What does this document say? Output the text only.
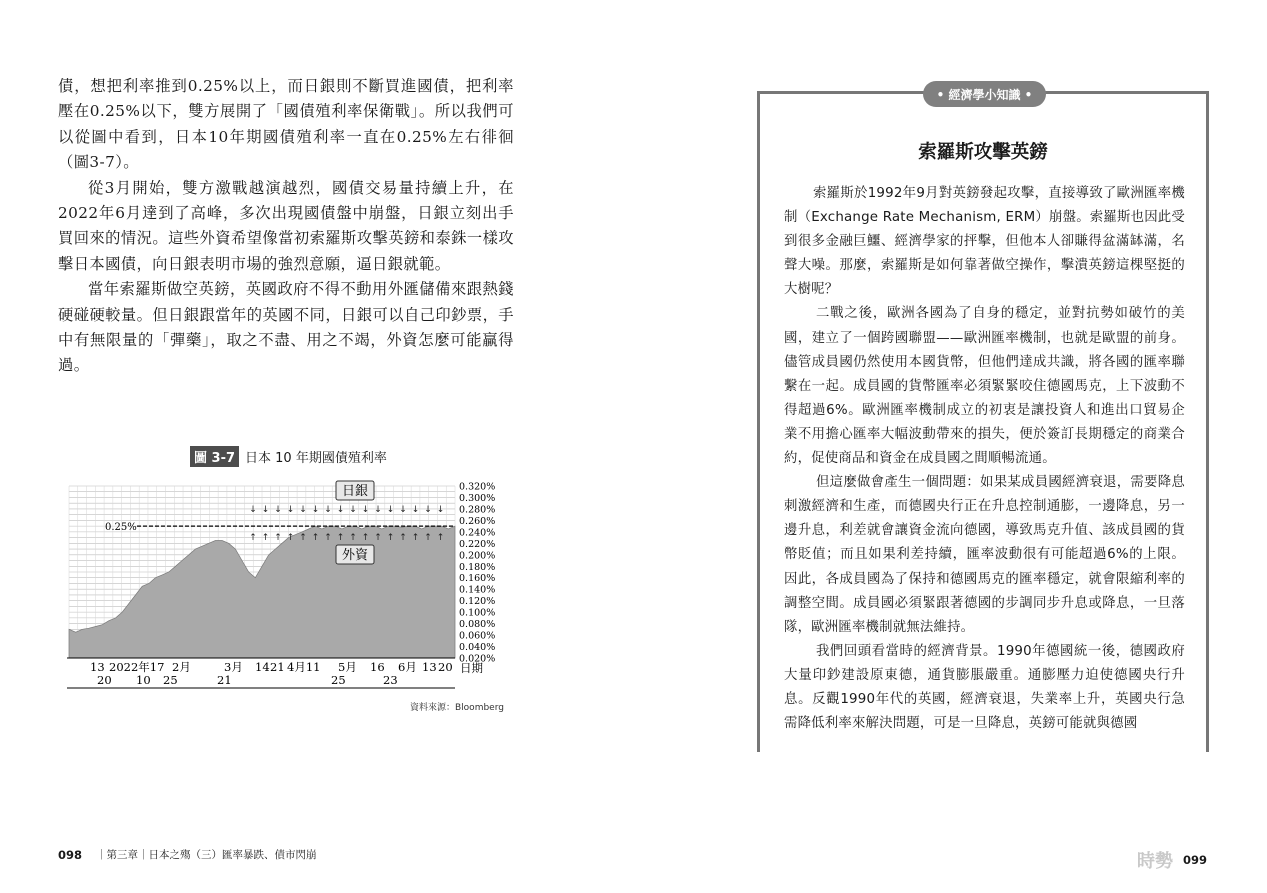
債，想把利率推到0.25%以上，而日銀則不斷買進國債，把利率壓在0.25%以下，雙方展開了「國債殖利率保衛戰」。所以我們可以從圖中看到，日本10年期國債殖利率一直在0.25%左右徘徊（圖3-7）。

從3月開始，雙方激戰越演越烈，國債交易量持續上升，在2022年6月達到了高峰，多次出現國債盤中崩盤，日銀立刻出手買回來的情況。這些外資希望像當初索羅斯攻擊英鎊和泰銖一樣攻擊日本國債，向日銀表明市場的強烈意願，逼日銀就範。

當年索羅斯做空英鎊，英國政府不得不動用外匯儲備來跟熱錢硬碰硬較量。但日銀跟當年的英國不同，日銀可以自己印鈔票，手中有無限量的「彈藥」，取之不盡、用之不竭，外資怎麼可能贏得過。

圖 3-7 日本 10 年期國債殖利率
0.25%
↓
↑
↓
↑
↓
↑
↓
↑
↓
↑
↓
↑
↓
↑
↓
↑
↓
↑
↓
↑
↓
↑
↓
↑
↓
↑
↓
↑
↓
↑
↓
↑
日銀
外資
0.320%
0.300%
0.280%
0.260%
0.240%
0.220%
0.200%
0.180%
0.160%
0.140%
0.120%
0.100%
0.080%
0.060%
0.040%
0.020%
13 2022年17 2月	3月 14 21 4月11 5月 16 6月 13 20
20 10 25	21	25	23
日期
資料來源：Bloomberg
098 ｜第三章｜日本之殤（三）匯率暴跌、債市閃崩
• 經濟學小知識 •
索羅斯攻擊英鎊

索羅斯於1992年9月對英鎊發起攻擊，直接導致了歐洲匯率機制（Exchange Rate Mechanism, ERM）崩盤。索羅斯也因此受到很多金融巨鱷、經濟學家的抨擊，但他本人卻賺得盆滿缽滿，名聲大噪。那麼，索羅斯是如何靠著做空操作，擊潰英鎊這棵堅挺的大樹呢？

二戰之後，歐洲各國為了自身的穩定，並對抗勢如破竹的美國，建立了一個跨國聯盟——歐洲匯率機制，也就是歐盟的前身。儘管成員國仍然使用本國貨幣，但他們達成共識，將各國的匯率聯繫在一起。成員國的貨幣匯率必須緊緊咬住德國馬克，上下波動不得超過6%。歐洲匯率機制成立的初衷是讓投資人和進出口貿易企業不用擔心匯率大幅波動帶來的損失，便於簽訂長期穩定的商業合約，促使商品和資金在成員國之間順暢流通。

但這麼做會產生一個問題：如果某成員國經濟衰退，需要降息刺激經濟和生產，而德國央行正在升息控制通膨，一邊降息，另一邊升息，利差就會讓資金流向德國，導致馬克升值、該成員國的貨幣貶值；而且如果利差持續，匯率波動很有可能超過6%的上限。因此，各成員國為了保持和德國馬克的匯率穩定，就會限縮利率的調整空間。成員國必須緊跟著德國的步調同步升息或降息，一旦落隊，歐洲匯率機制就無法維持。

我們回頭看當時的經濟背景。1990年德國統一後，德國政府大量印鈔建設原東德，通貨膨脹嚴重。通膨壓力迫使德國央行升息。反觀1990年代的英國，經濟衰退，失業率上升，英國央行急需降低利率來解決問題，可是一旦降息，英鎊可能就與德國

時勢 099
